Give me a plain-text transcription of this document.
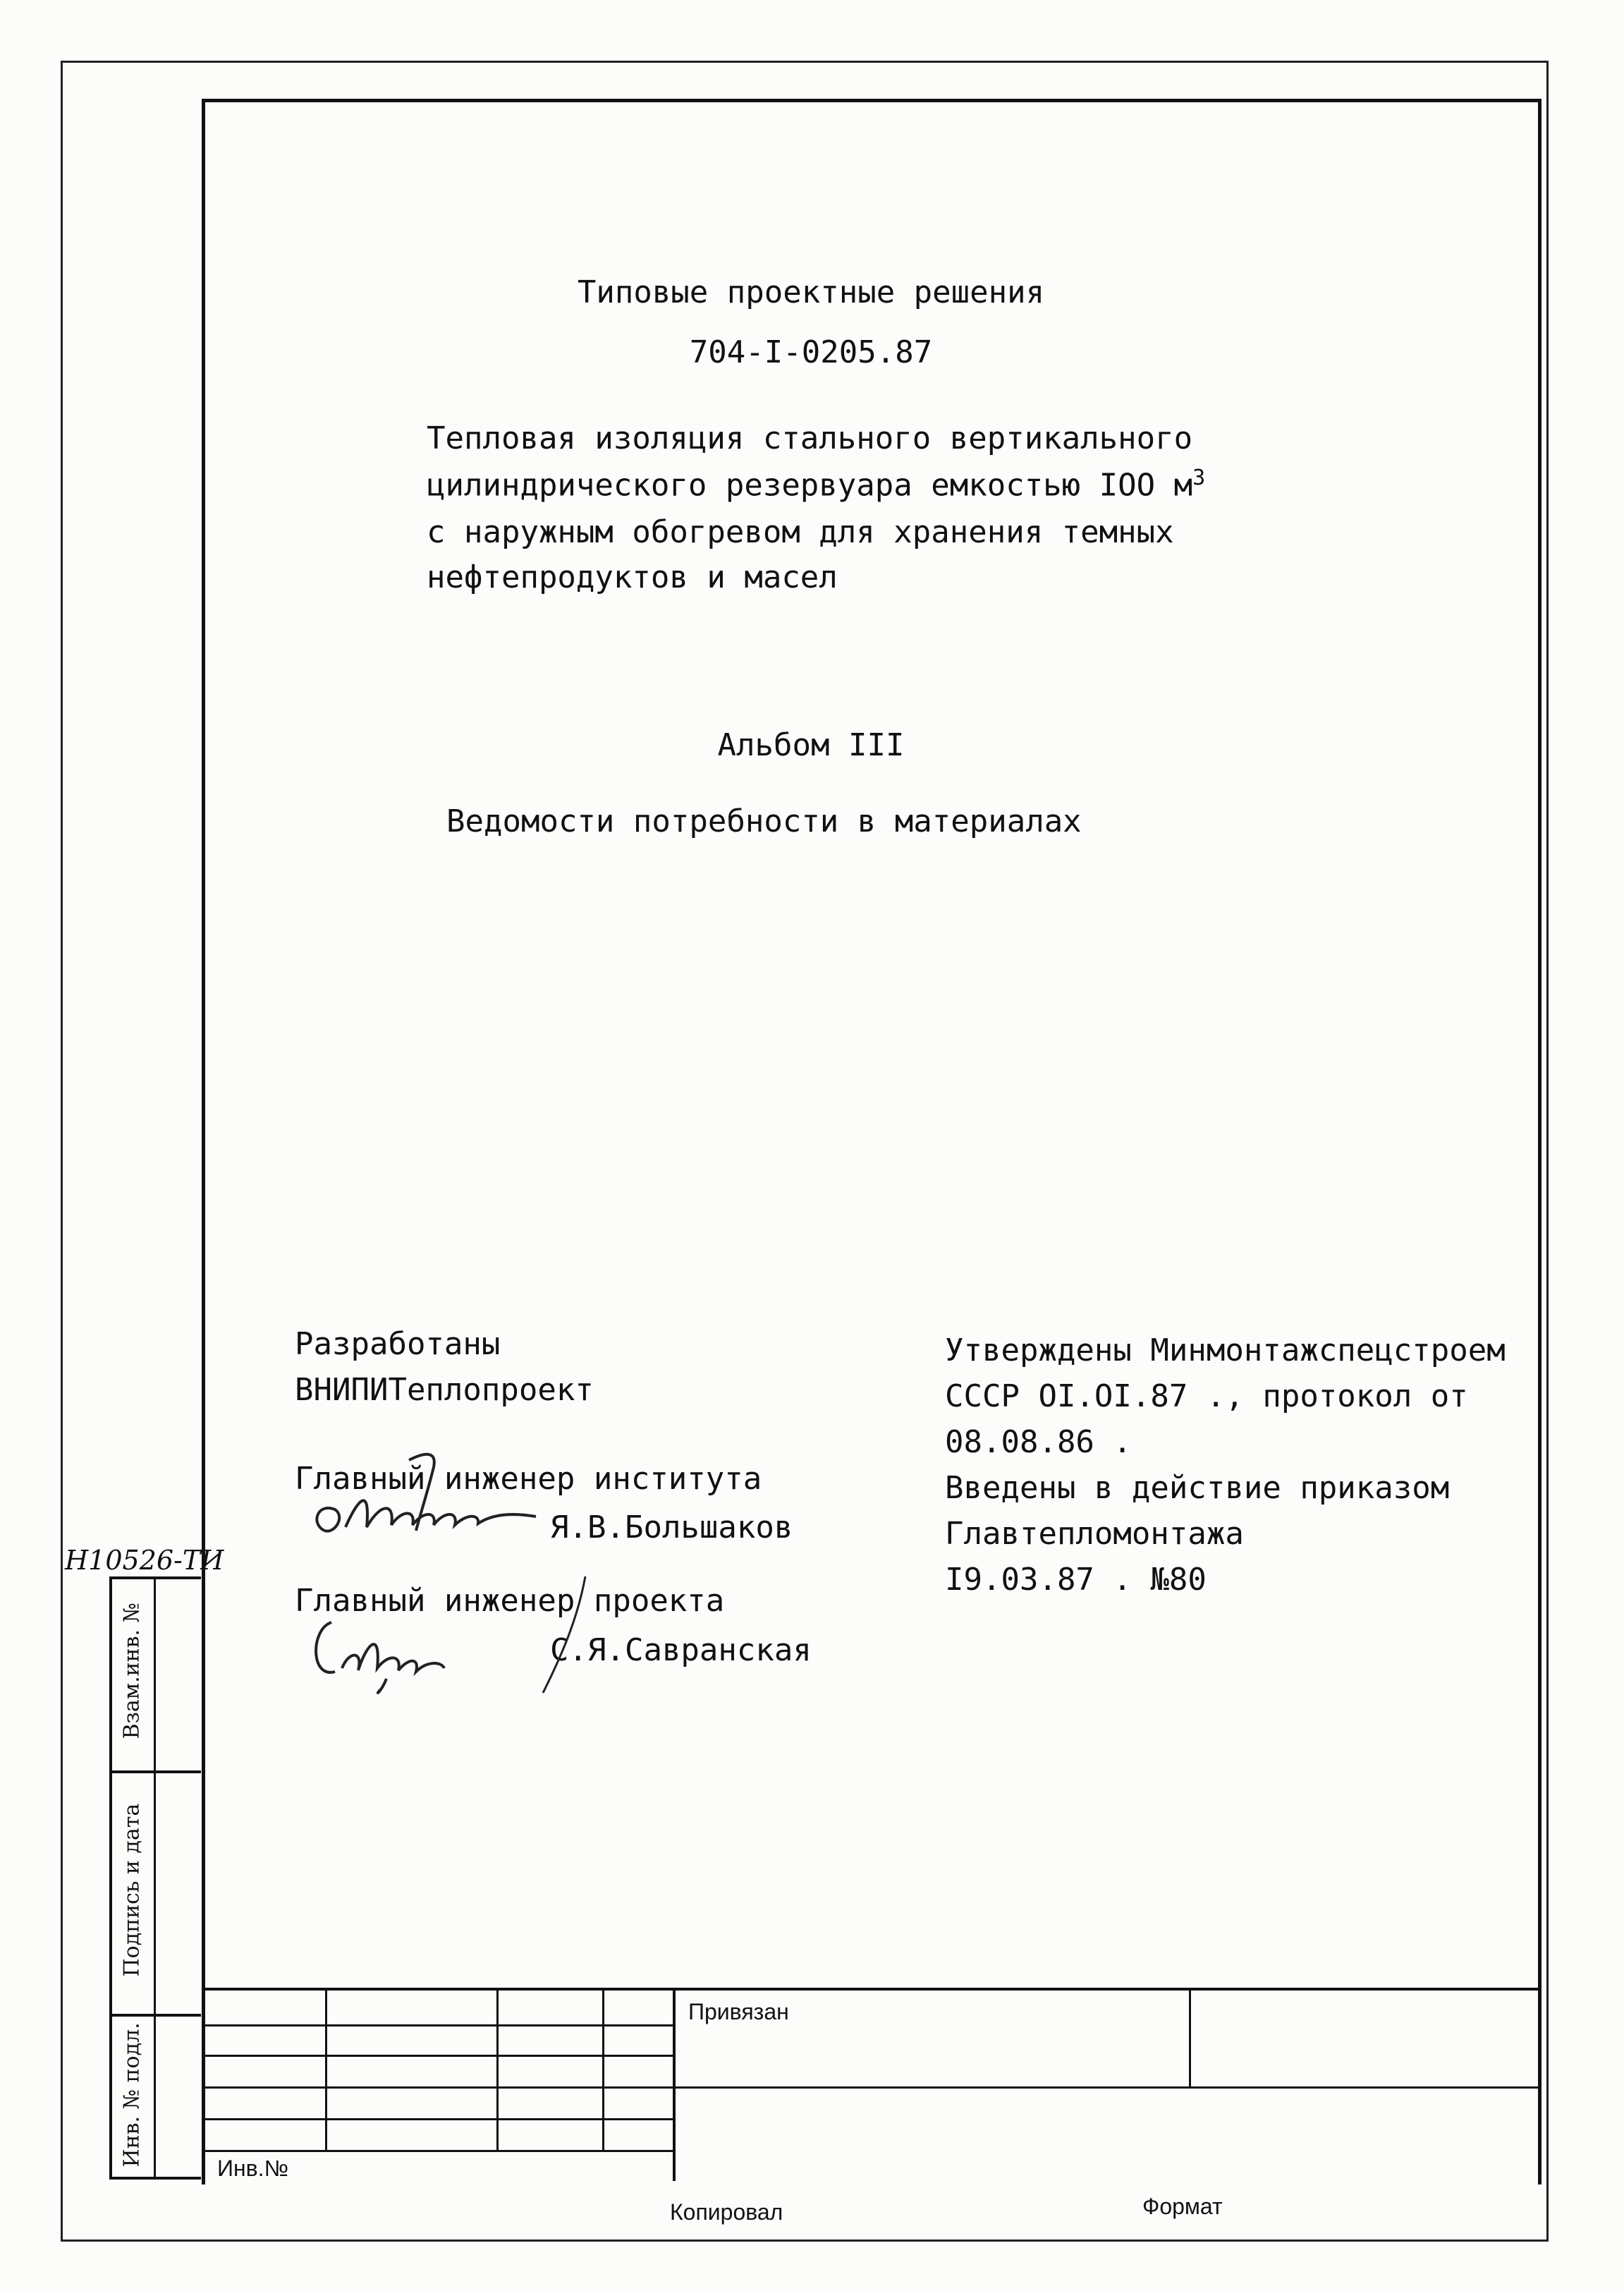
Типовые проектные решения
704-I-0205.87
Тепловая изоляция стального вертикального
цилиндрического резервуара емкостью IOO $м^3$
с наружным обогревом для хранения темных
нефтепродуктов и масел
Альбом III
Ведомости потребности в материалах
Разработаны
ВНИПИТеплопроект
Главный инженер института
Я.В.Большаков
Главный инженер проекта
С.Я.Савранская
Утверждены Минмонтажспецстроем
СССР OI.OI.87 ., протокол от
08.08.86 .
Введены в действие приказом
Главтепломонтажа
I9.03.87 . №80
Н10526-ТИ
Взам.инв. №
Подпись и дата
Инв. № подл.
Привязан
Инв.№
Копировал	Формат
